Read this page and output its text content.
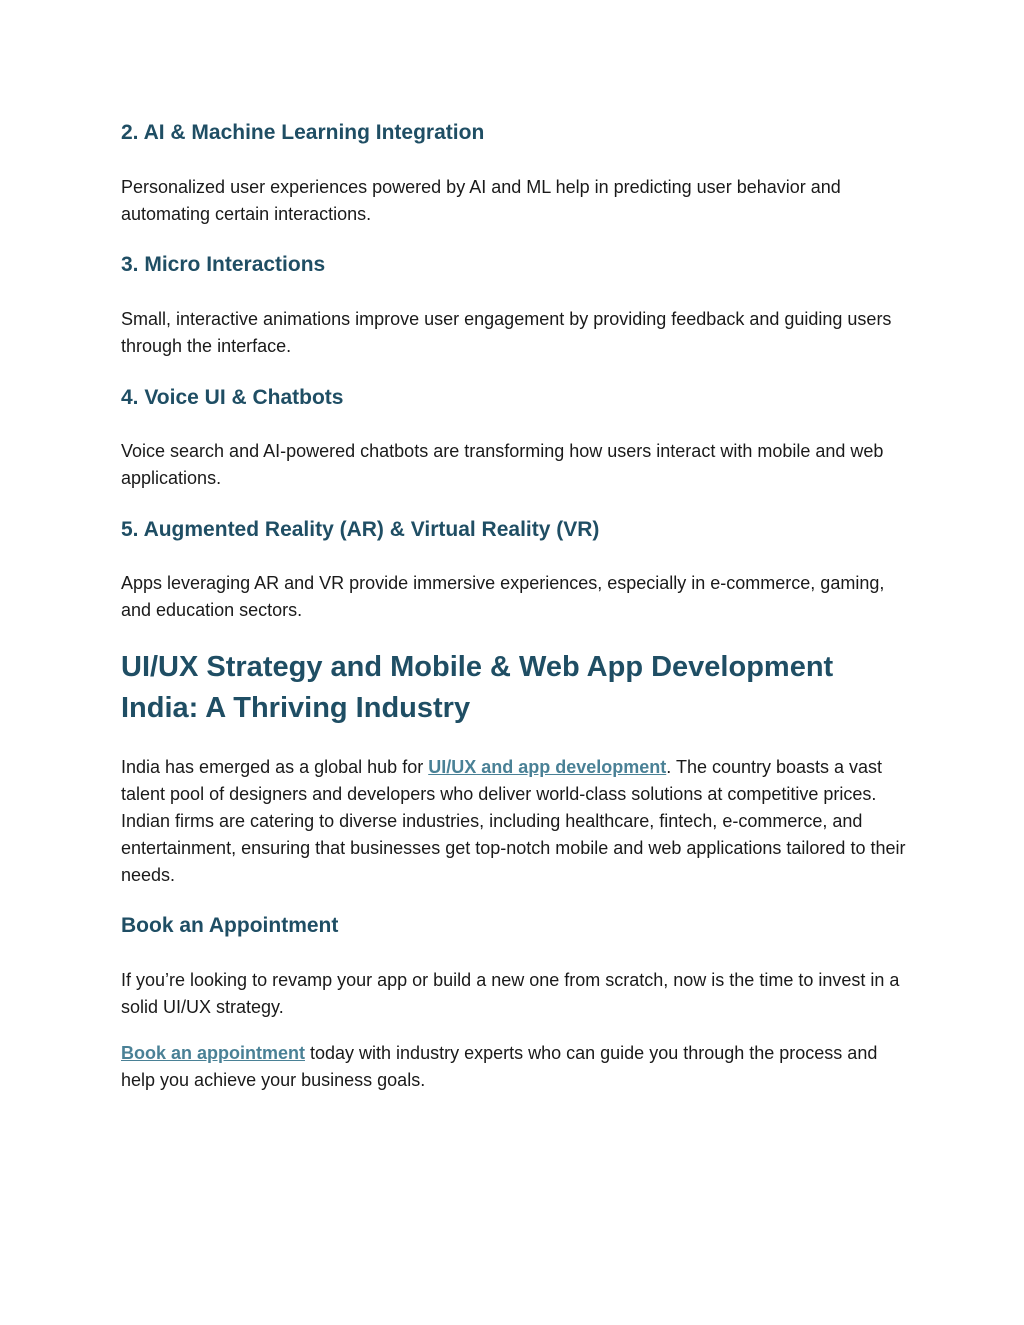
2. AI & Machine Learning Integration

Personalized user experiences powered by AI and ML help in predicting user behavior and automating certain interactions.

3. Micro Interactions

Small, interactive animations improve user engagement by providing feedback and guiding users through the interface.

4. Voice UI & Chatbots

Voice search and AI-powered chatbots are transforming how users interact with mobile and web applications.

5. Augmented Reality (AR) & Virtual Reality (VR)

Apps leveraging AR and VR provide immersive experiences, especially in e-commerce, gaming, and education sectors.

UI/UX Strategy and Mobile & Web App Development India: A Thriving Industry

India has emerged as a global hub for UI/UX and app development. The country boasts a vast talent pool of designers and developers who deliver world-class solutions at competitive prices. Indian firms are catering to diverse industries, including healthcare, fintech, e-commerce, and entertainment, ensuring that businesses get top-notch mobile and web applications tailored to their needs.

Book an Appointment

If you’re looking to revamp your app or build a new one from scratch, now is the time to invest in a solid UI/UX strategy.

Book an appointment today with industry experts who can guide you through the process and help you achieve your business goals.
